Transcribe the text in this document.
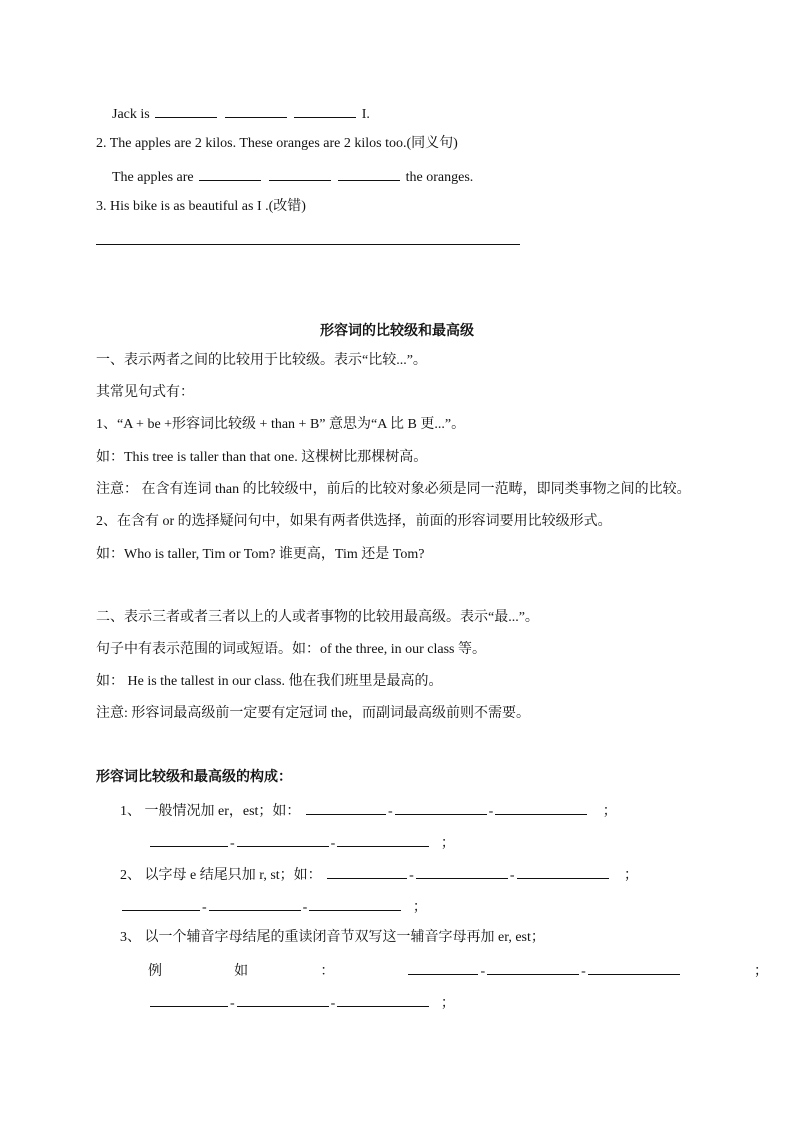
Jack is	I.
2. The apples are 2 kilos. These oranges are 2 kilos too.(同义句)
The apples are	the oranges.
3. His bike is as beautiful as I .(改错)
形容词的比较级和最高级
一、表示两者之间的比较用于比较级。表示“比较...”。
其常见句式有：
1、“A + be +形容词比较级 + than + B” 意思为“A 比 B 更...”。
如：This tree is taller than that one. 这棵树比那棵树高。
注意： 在含有连词 than 的比较级中，前后的比较对象必须是同一范畴，即同类事物之间的比较。
2、在含有 or 的选择疑问句中，如果有两者供选择，前面的形容词要用比较级形式。
如：Who is taller, Tim or Tom? 谁更高，Tim 还是 Tom?
二、表示三者或者三者以上的人或者事物的比较用最高级。表示“最...”。
句子中有表示范围的词或短语。如：of the three, in our class 等。
如： He is the tallest in our class. 他在我们班里是最高的。
注意: 形容词最高级前一定要有定冠词 the，而副词最高级前则不需要。
形容词比较级和最高级的构成：
1、 一般情况加 er，est；如：	-	-	；
-	-	；
2、 以字母 e 结尾只加 r, st；如：	-	-	；
-	-	；
3、 以一个辅音字母结尾的重读闭音节双写这一辅音字母再加 er, est；
例	如	：	-	-	；
-	-	；
